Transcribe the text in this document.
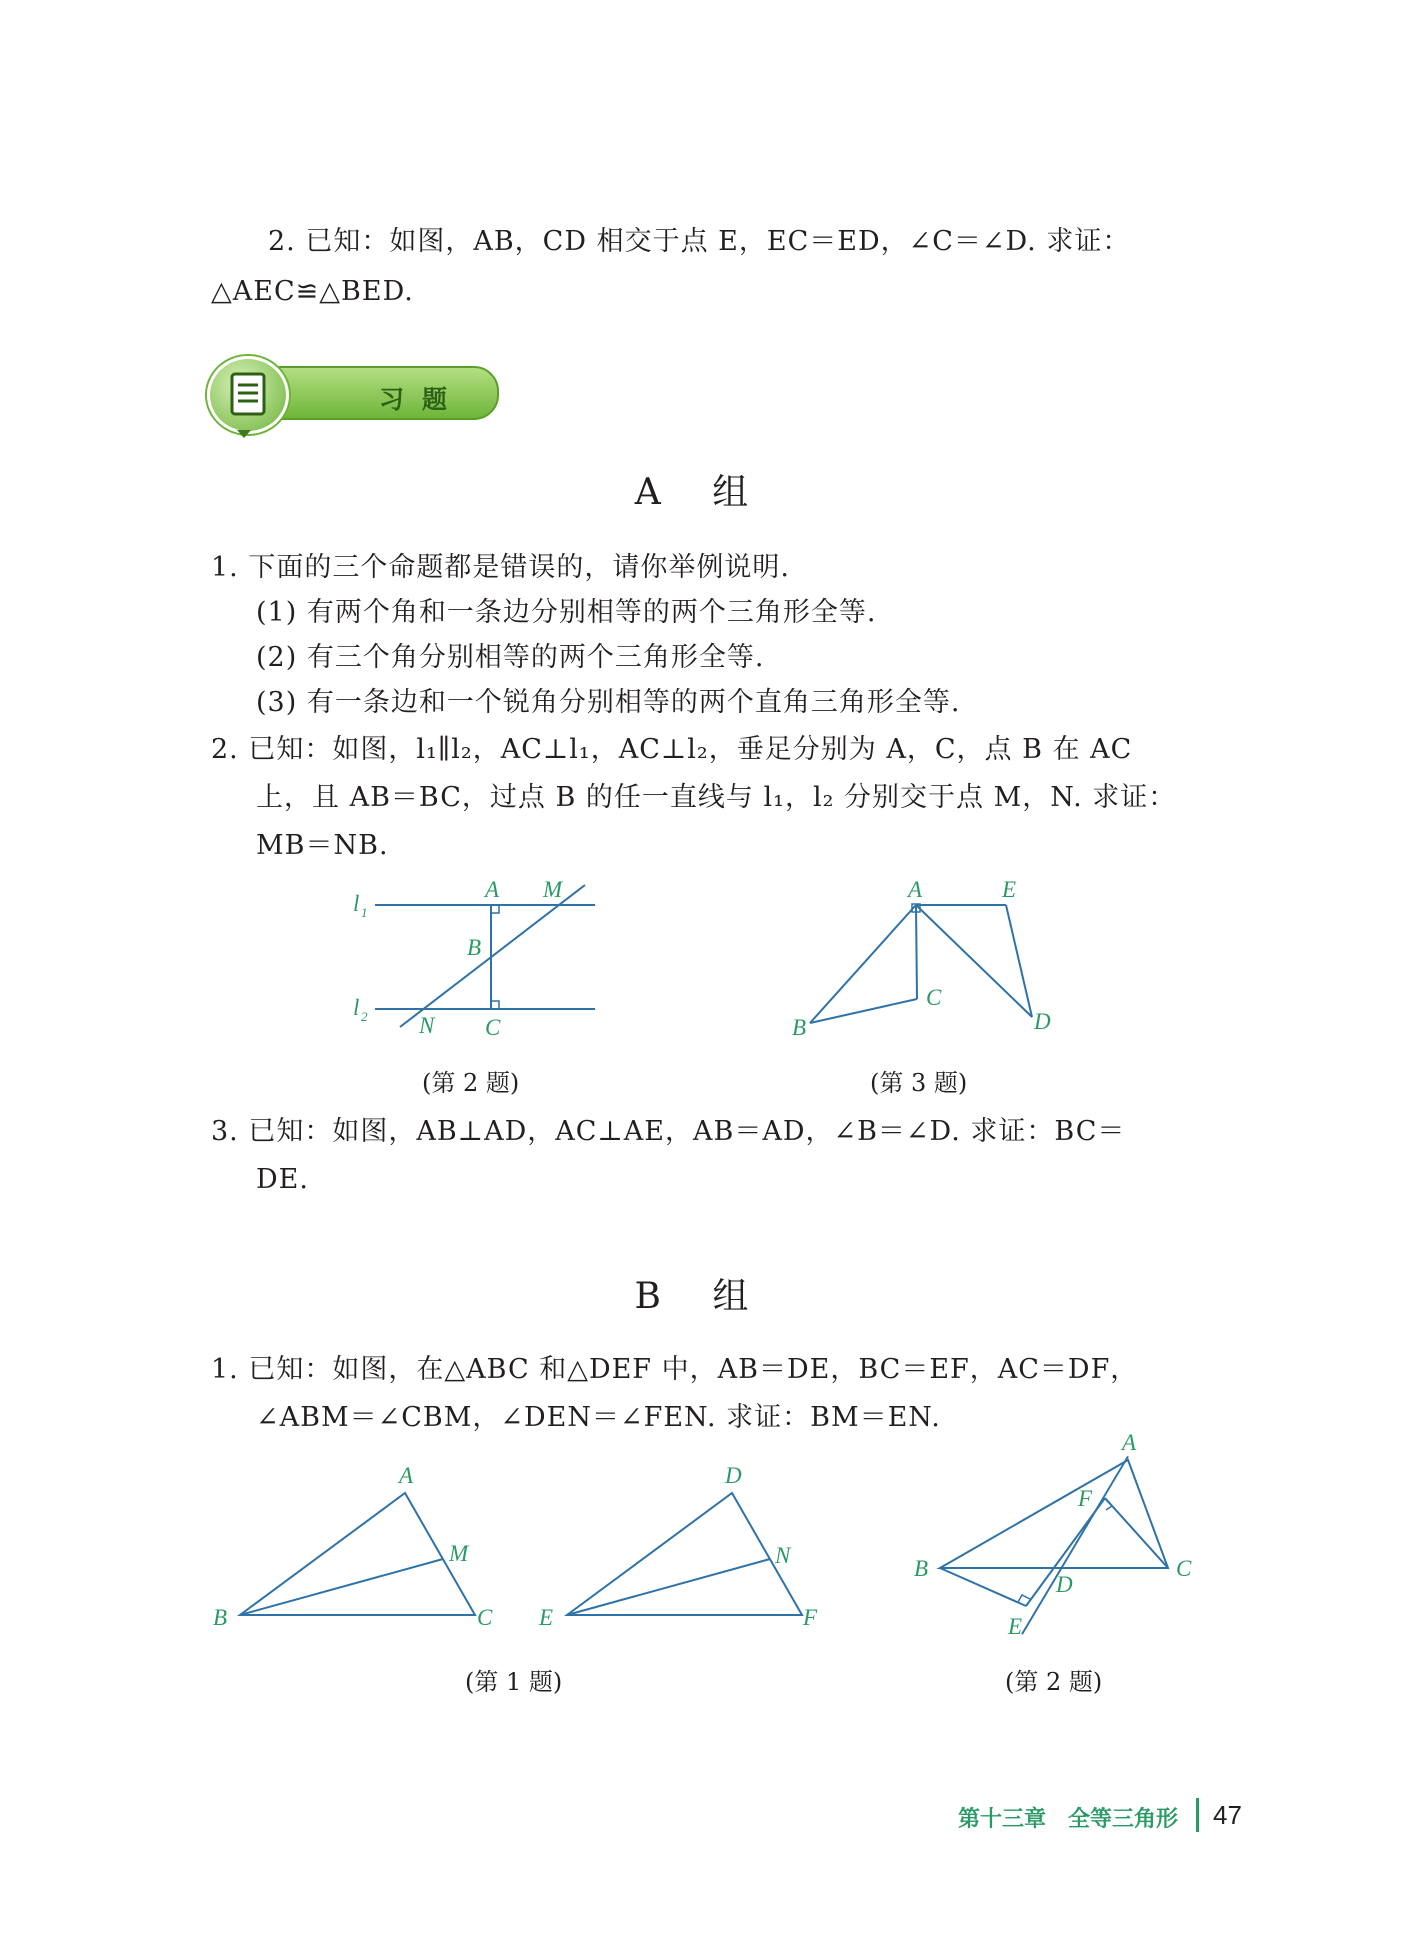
2. 已知：如图，AB，CD 相交于点 E，EC＝ED，∠C＝∠D. 求证：
△AEC≌△BED.
习题
A 组
1. 下面的三个命题都是错误的，请你举例说明.
(1) 有两个角和一条边分别相等的两个三角形全等.
(2) 有三个角分别相等的两个三角形全等.
(3) 有一条边和一个锐角分别相等的两个直角三角形全等.
2. 已知：如图，l₁∥l₂，AC⊥l₁，AC⊥l₂，垂足分别为 A，C，点 B 在 AC
上，且 AB＝BC，过点 B 的任一直线与 l₁，l₂ 分别交于点 M，N. 求证：
MB＝NB.
l 1
l 2
A M
B
N C
(第 2 题)
A	E
C
B	D
(第 3 题)
3. 已知：如图，AB⊥AD，AC⊥AE，AB＝AD，∠B＝∠D. 求证：BC＝
DE.
B 组
1. 已知：如图，在△ABC 和△DEF 中，AB＝DE，BC＝EF，AC＝DF，
∠ABM＝∠CBM，∠DEN＝∠FEN. 求证：BM＝EN.
A
M
B	C
D
N
E	F
(第 1 题)
A
F
B	C
D
E
(第 2 题)
第十三章　全等三角形 47
